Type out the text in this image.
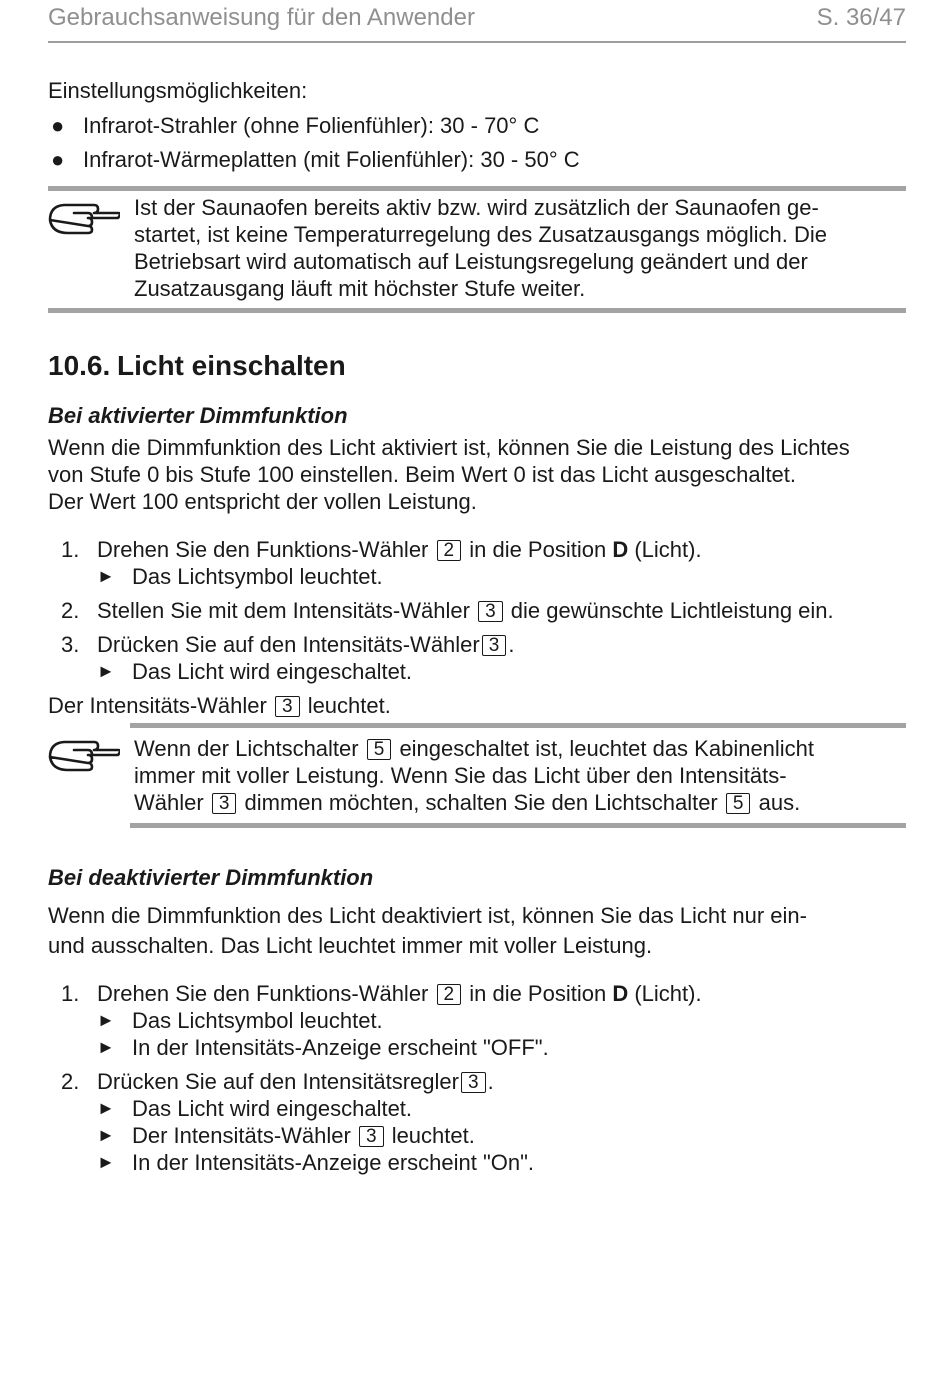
Gebrauchsanweisung für den Anwender	S. 36/47

Einstellungsmöglichkeiten:

● Infrarot-Strahler (ohne Folienfühler): 30 - 70° C
● Infrarot-Wärmeplatten (mit Folienfühler): 30 - 50° C
Ist der Saunaofen bereits aktiv bzw. wird zusätzlich der Saunaofen ge-
startet, ist keine Temperaturregelung des Zusatzausgangs möglich. Die
Betriebsart wird automatisch auf Leistungsregelung geändert und der
Zusatzausgang läuft mit höchster Stufe weiter.
10.6. Licht einschalten

Bei aktivierter Dimmfunktion

Wenn die Dimmfunktion des Licht aktiviert ist, können Sie die Leistung des Lichtes
von Stufe 0 bis Stufe 100 einstellen. Beim Wert 0 ist das Licht ausgeschaltet.
Der Wert 100 entspricht der vollen Leistung.
1. Drehen Sie den Funktions-Wähler 2 in die Position D (Licht).
► Das Lichtsymbol leuchtet.
2. Stellen Sie mit dem Intensitäts-Wähler 3 die gewünschte Lichtleistung ein.
3. Drücken Sie auf den Intensitäts-Wähler 3 .
► Das Licht wird eingeschaltet.
Der Intensitäts-Wähler 3 leuchtet.
Wenn der Lichtschalter 5 eingeschaltet ist, leuchtet das Kabinenlicht
immer mit voller Leistung. Wenn Sie das Licht über den Intensitäts-
Wähler 3 dimmen möchten, schalten Sie den Lichtschalter 5 aus.

Bei deaktivierter Dimmfunktion

Wenn die Dimmfunktion des Licht deaktiviert ist, können Sie das Licht nur ein-
und ausschalten. Das Licht leuchtet immer mit voller Leistung.
1. Drehen Sie den Funktions-Wähler 2 in die Position D (Licht).
► Das Lichtsymbol leuchtet.
► In der Intensitäts-Anzeige erscheint "OFF".
2. Drücken Sie auf den Intensitätsregler 3 .
► Das Licht wird eingeschaltet.
► Der Intensitäts-Wähler 3 leuchtet.
► In der Intensitäts-Anzeige erscheint "On".
